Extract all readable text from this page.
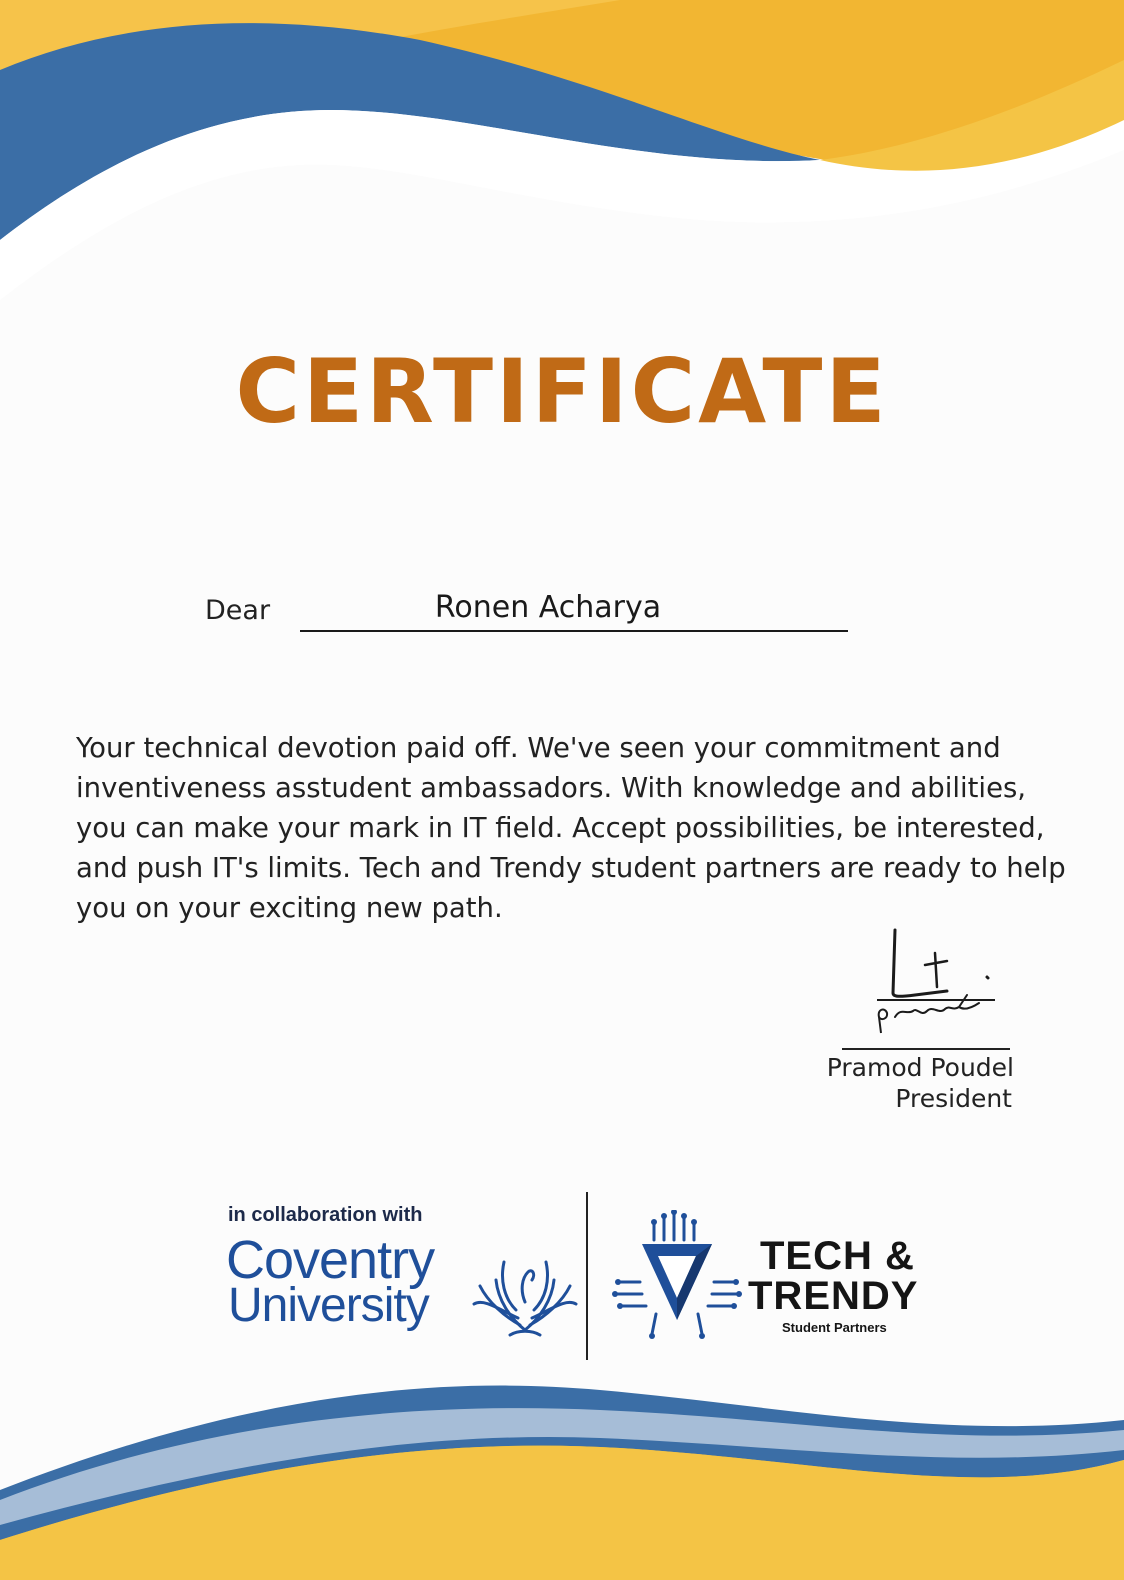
CERTIFICATE
Dear	Ronen Acharya

Your technical devotion paid off. We've seen your commitment and inventiveness asstudent ambassadors. With knowledge and abilities, you can make your mark in IT field. Accept possibilities, be interested, and push IT's limits. Tech and Trendy student partners are ready to help you on your exciting new path.

Pramod Poudel
President
in collaboration with
Coventry
University
TECH &
TRENDY
Student Partners
